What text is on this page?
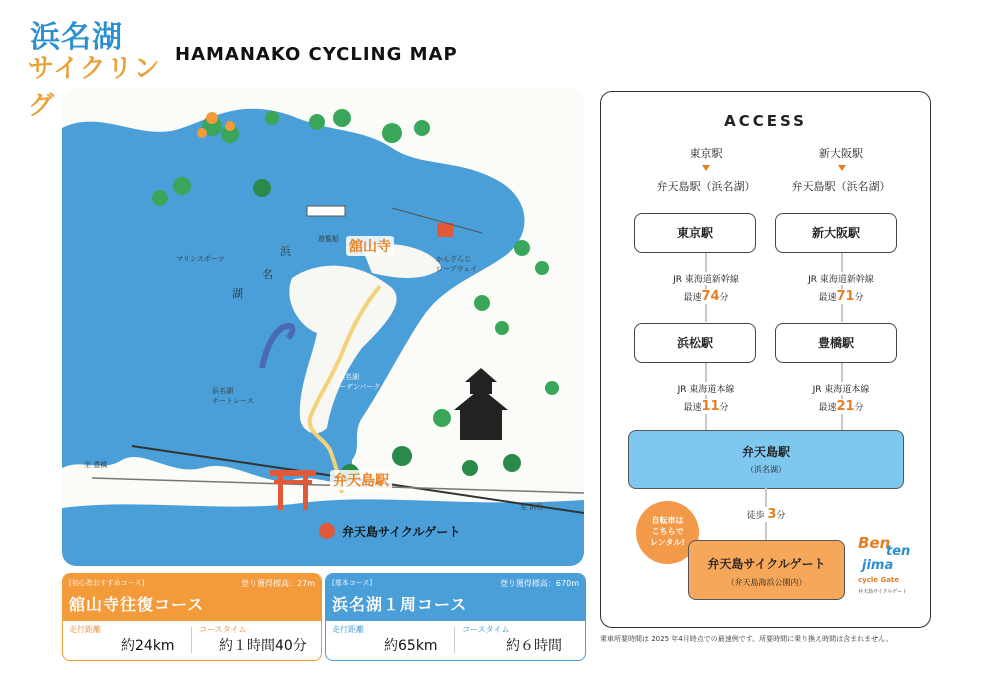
浜名湖
サイクリング
HAMANAKO CYCLING MAP
浜
名
湖
マリンスポーツ
遊覧船
かんざんじ
ロープウェイ
浜名湖
ガーデンパーク
浜名湖
ボートレース
至 豊橋
至 浜松
舘山寺
弁天島駅
弁天島サイクルゲート
[初心者おすすめコース]	登り獲得標高：27m
舘山寺往復コース
走行距離
約24km
コースタイム
約１時間40分
[基本コース]	登り獲得標高：670m
浜名湖１周コース
走行距離
約65km
コースタイム
約６時間
ACCESS
東京駅
弁天島駅（浜名湖）
東京駅
JR 東海道新幹線
最速74分
浜松駅
JR 東海道本線
最速11分
新大阪駅
弁天島駅（浜名湖）
新大阪駅
JR 東海道新幹線
最速71分
豊橋駅
JR 東海道本線
最速21分
弁天島駅
（浜名湖）
徒歩 3分
自転車は
こちらで
レンタル!
弁天島サイクルゲート
（弁天島海浜公園内）
Ben
ten
jima
cycle Gate
弁天島サイクルゲート
乗車所要時間は 2025 年4月時点での最速例です。所要時間に乗り換え時間は含まれません。
